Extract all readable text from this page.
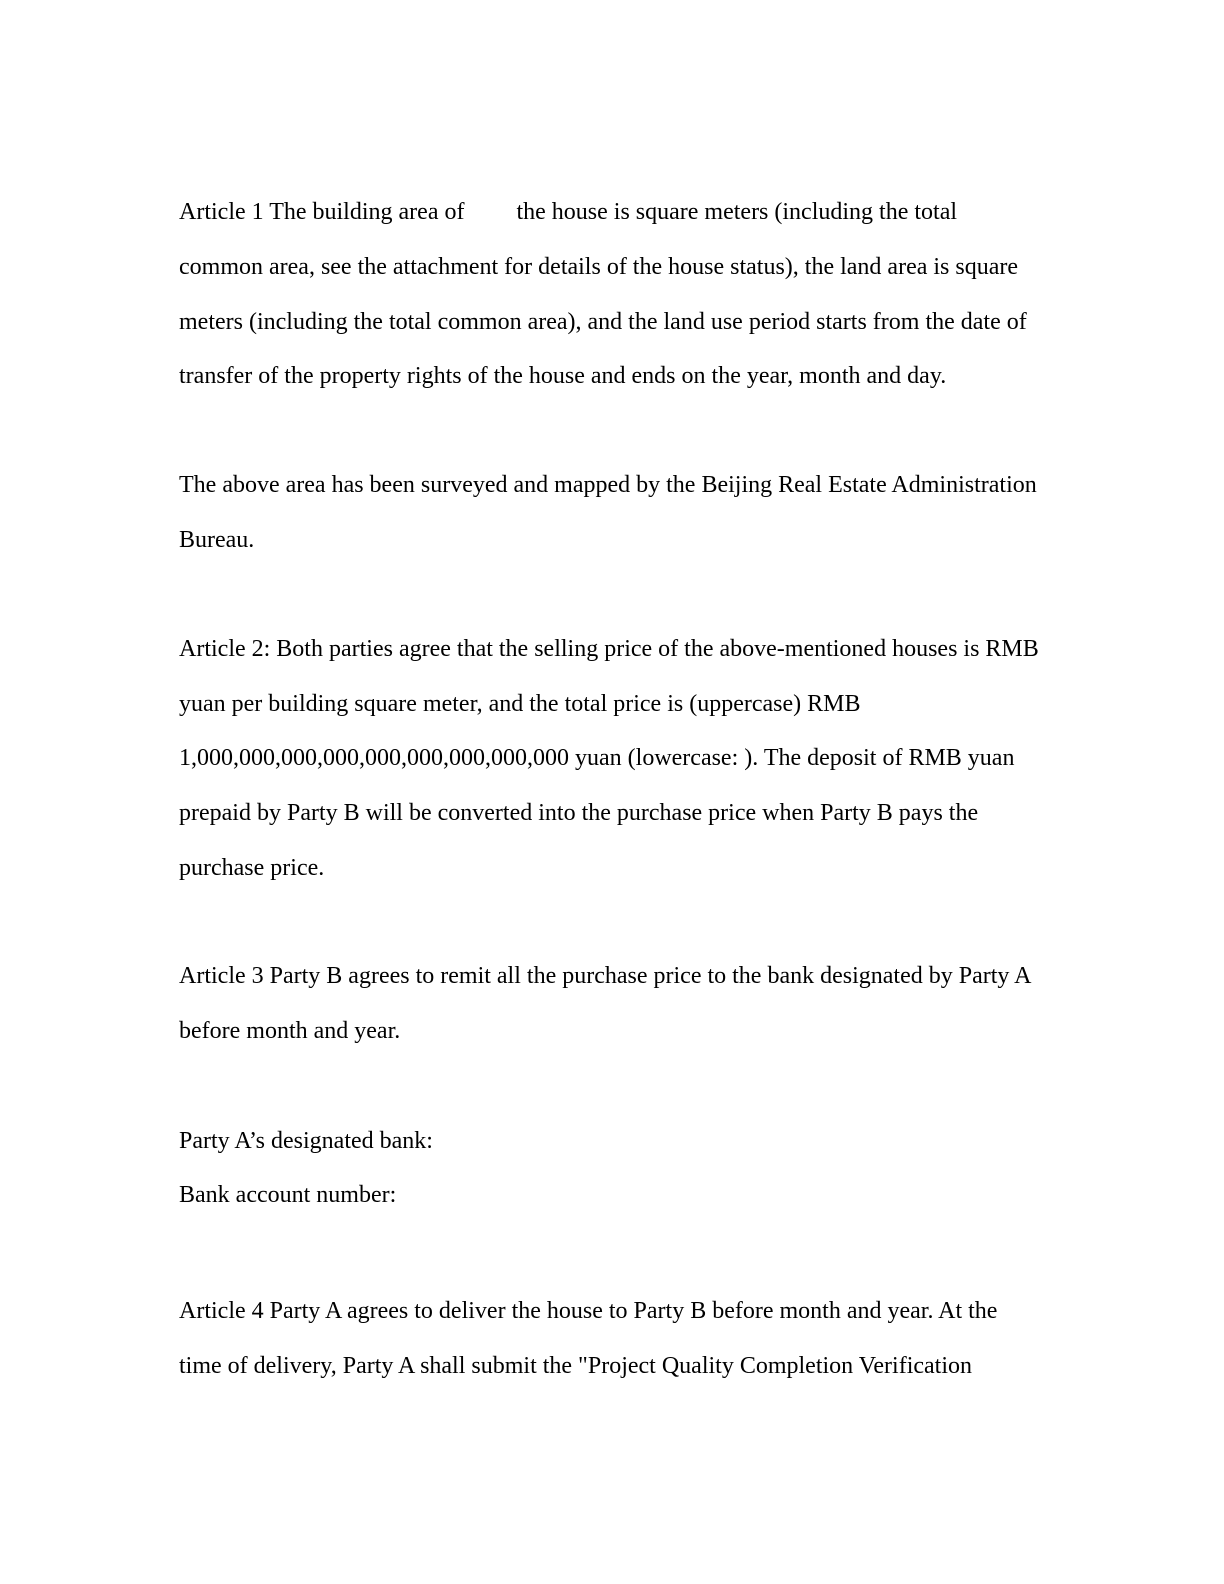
Article 1 The building area of the house is square meters (including the total

common area, see the attachment for details of the house status), the land area is square

meters (including the total common area), and the land use period starts from the date of

transfer of the property rights of the house and ends on the year, month and day.

The above area has been surveyed and mapped by the Beijing Real Estate Administration

Bureau.

Article 2: Both parties agree that the selling price of the above-mentioned houses is RMB

yuan per building square meter, and the total price is (uppercase) RMB

1,000,000,000,000,000,000,000,000,000 yuan (lowercase: ). The deposit of RMB yuan

prepaid by Party B will be converted into the purchase price when Party B pays the

purchase price.

Article 3 Party B agrees to remit all the purchase price to the bank designated by Party A

before month and year.

Party A’s designated bank:

Bank account number:

Article 4 Party A agrees to deliver the house to Party B before month and year. At the

time of delivery, Party A shall submit the "Project Quality Completion Verification
